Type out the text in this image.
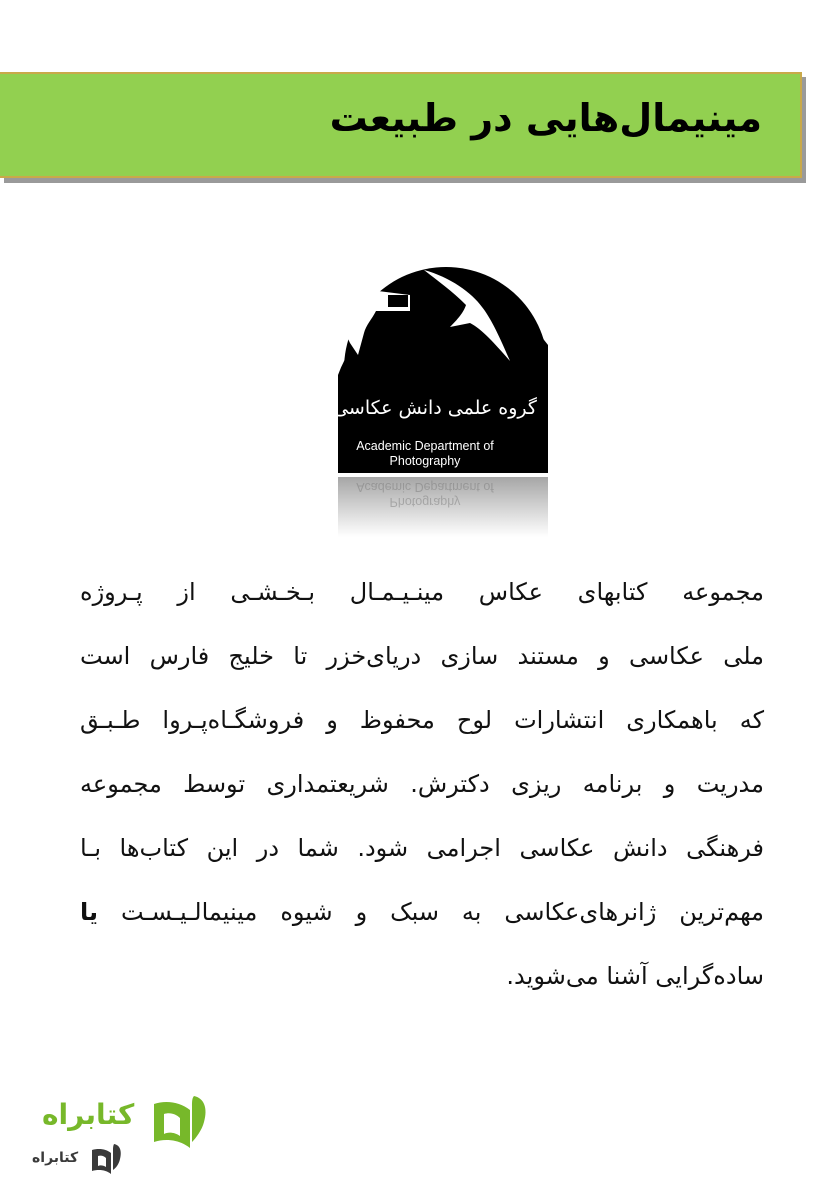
مینیمال‌هایی در طبیعت
گروه علمی دانش عکاسی
Academic Department of
Photography
Photography
Academic Department of
مجموعه کتابهای عکاس مینـیـمـال بـخـشـی از پـروژه
ملی عکاسی و مستند سازی دریای‌خزر تا خلیج فارس است
که باهمکاری انتشارات لوح محفوظ و فروشگـاه‌پـروا طـبـق
مدریت و برنامه ریزی دکترش. شریعتمداری توسط مجموعه
فرهنگی دانش عکاسی اجرامی شود. شما در این کتاب‌ها بـا
مهم‌ترین ژانرهای‌عکاسی به سبک و شیوه مینیمالـیـسـت یا
ساده‌گرایی آشنا می‌شوید.
کتابراه
کتابراه
